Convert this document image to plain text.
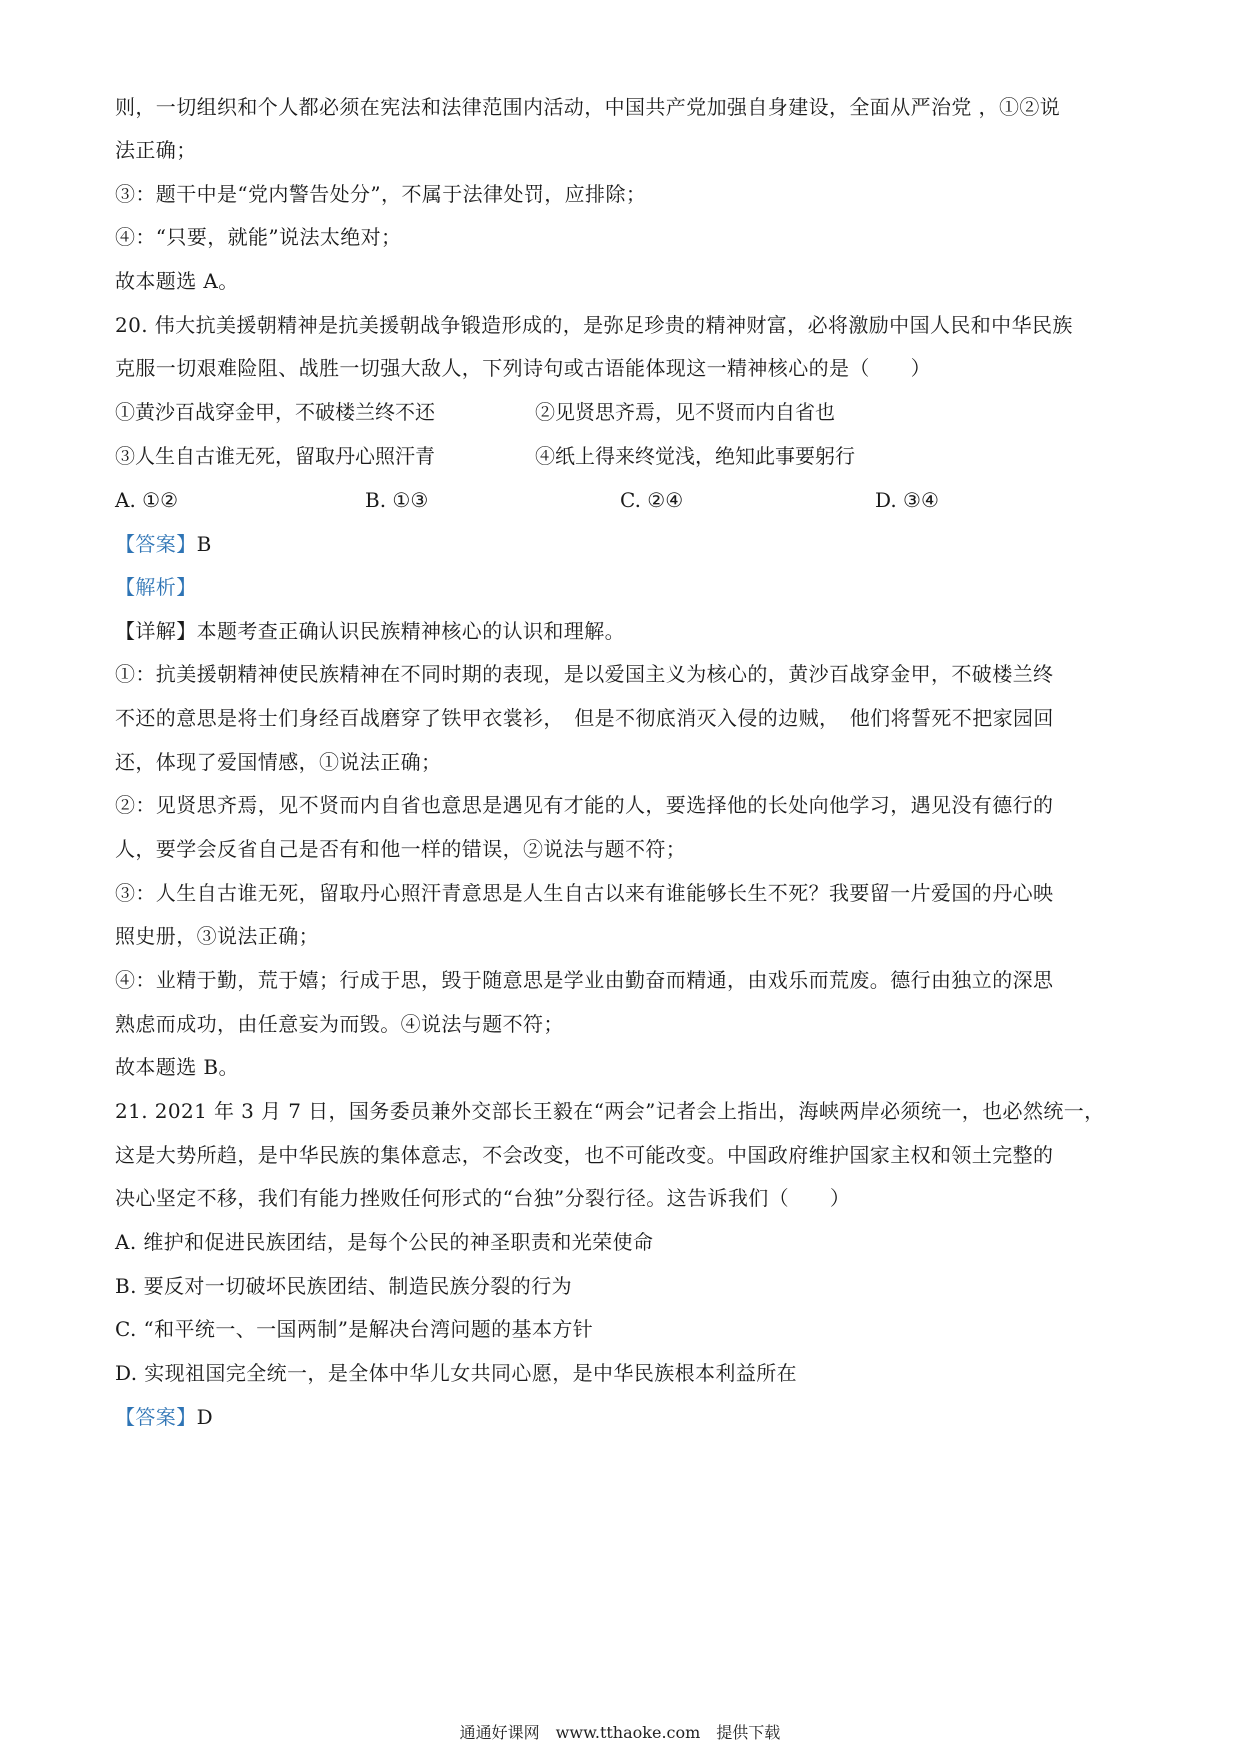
则，一切组织和个人都必须在宪法和法律范围内活动，中国共产党加强自身建设，全面从严治党 ，①②说
法正确；
③：题干中是“党内警告处分”，不属于法律处罚，应排除；
④：“只要，就能”说法太绝对；
故本题选 A。
20. 伟大抗美援朝精神是抗美援朝战争锻造形成的，是弥足珍贵的精神财富，必将激励中国人民和中华民族
克服一切艰难险阻、战胜一切强大敌人，下列诗句或古语能体现这一精神核心的是（　　）
①黄沙百战穿金甲，不破楼兰终不还	②见贤思齐焉，见不贤而内自省也
③人生自古谁无死，留取丹心照汗青	④纸上得来终觉浅，绝知此事要躬行
A. ①②	B. ①③	C. ②④	D. ③④
【答案】B
【解析】
【详解】本题考查正确认识民族精神核心的认识和理解。
①：抗美援朝精神使民族精神在不同时期的表现，是以爱国主义为核心的，黄沙百战穿金甲，不破楼兰终
不还的意思是将士们身经百战磨穿了铁甲衣裳衫，　但是不彻底消灭入侵的边贼，　他们将誓死不把家园回
还，体现了爱国情感，①说法正确；
②：见贤思齐焉，见不贤而内自省也意思是遇见有才能的人，要选择他的长处向他学习，遇见没有德行的
人，要学会反省自己是否有和他一样的错误，②说法与题不符；
③：人生自古谁无死，留取丹心照汗青意思是人生自古以来有谁能够长生不死？我要留一片爱国的丹心映
照史册，③说法正确；
④：业精于勤，荒于嬉；行成于思，毁于随意思是学业由勤奋而精通，由戏乐而荒废。德行由独立的深思
熟虑而成功，由任意妄为而毁。④说法与题不符；
故本题选 B。
21. 2021 年 3 月 7 日，国务委员兼外交部长王毅在“两会”记者会上指出，海峡两岸必须统一，也必然统一，
这是大势所趋，是中华民族的集体意志，不会改变，也不可能改变。中国政府维护国家主权和领土完整的
决心坚定不移，我们有能力挫败任何形式的“台独”分裂行径。这告诉我们（　　）
A. 维护和促进民族团结，是每个公民的神圣职责和光荣使命
B. 要反对一切破坏民族团结、制造民族分裂的行为
C. “和平统一、一国两制”是解决台湾问题的基本方针
D. 实现祖国完全统一，是全体中华儿女共同心愿，是中华民族根本利益所在
【答案】D
通通好课网　www.tthaoke.com　提供下载
